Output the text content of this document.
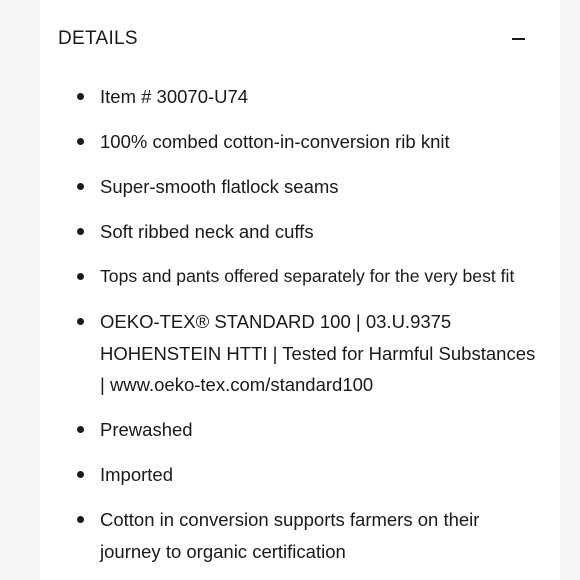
DETAILS
Item # 30070-U74
100% combed cotton-in-conversion rib knit
Super-smooth flatlock seams
Soft ribbed neck and cuffs
Tops and pants offered separately for the very best fit
OEKO-TEX® STANDARD 100 | 03.U.9375 HOHENSTEIN HTTI | Tested for Harmful Substances | www.oeko-tex.com/standard100
Prewashed
Imported
Cotton in conversion supports farmers on their journey to organic certification
